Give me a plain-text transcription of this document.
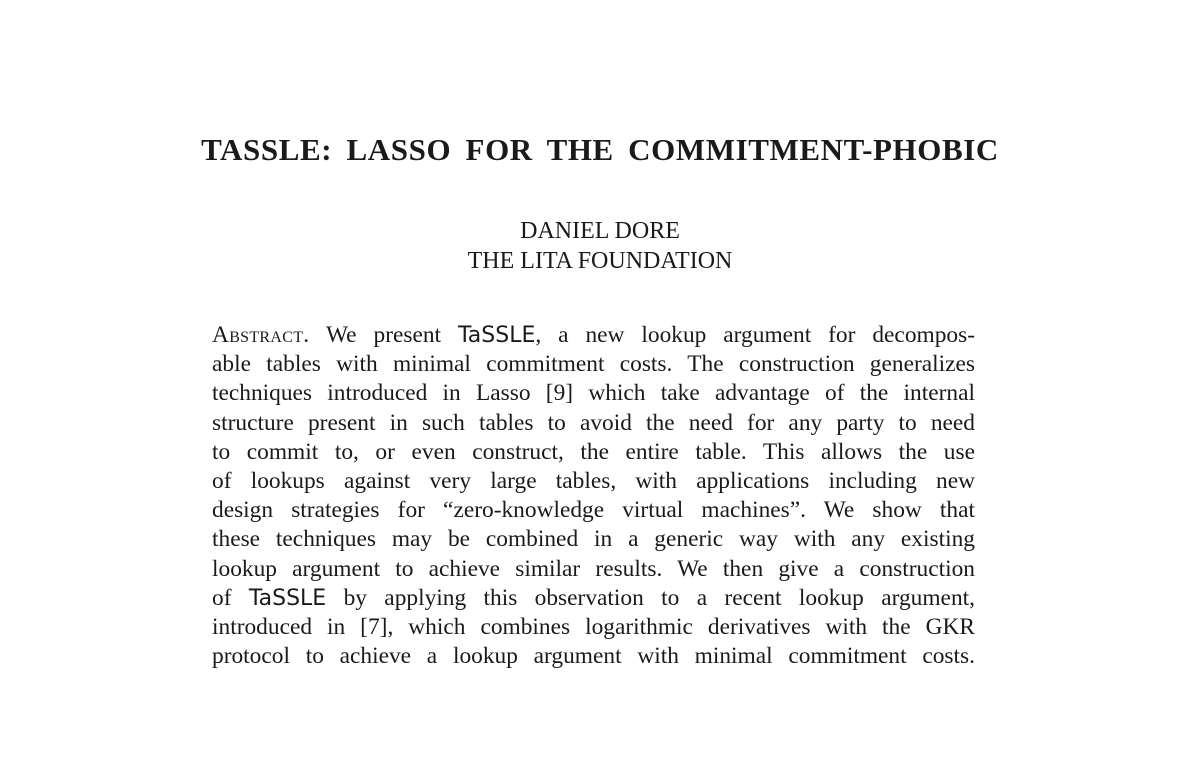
TASSLE: LASSO FOR THE COMMITMENT-PHOBIC
DANIEL DORE
THE LITA FOUNDATION
Abstract. We present TaSSLE, a new lookup argument for decompos-
able tables with minimal commitment costs. The construction generalizes
techniques introduced in Lasso [9] which take advantage of the internal
structure present in such tables to avoid the need for any party to need
to commit to, or even construct, the entire table. This allows the use
of lookups against very large tables, with applications including new
design strategies for “zero-knowledge virtual machines”. We show that
these techniques may be combined in a generic way with any existing
lookup argument to achieve similar results. We then give a construction
of TaSSLE by applying this observation to a recent lookup argument,
introduced in [7], which combines logarithmic derivatives with the GKR
protocol to achieve a lookup argument with minimal commitment costs.
